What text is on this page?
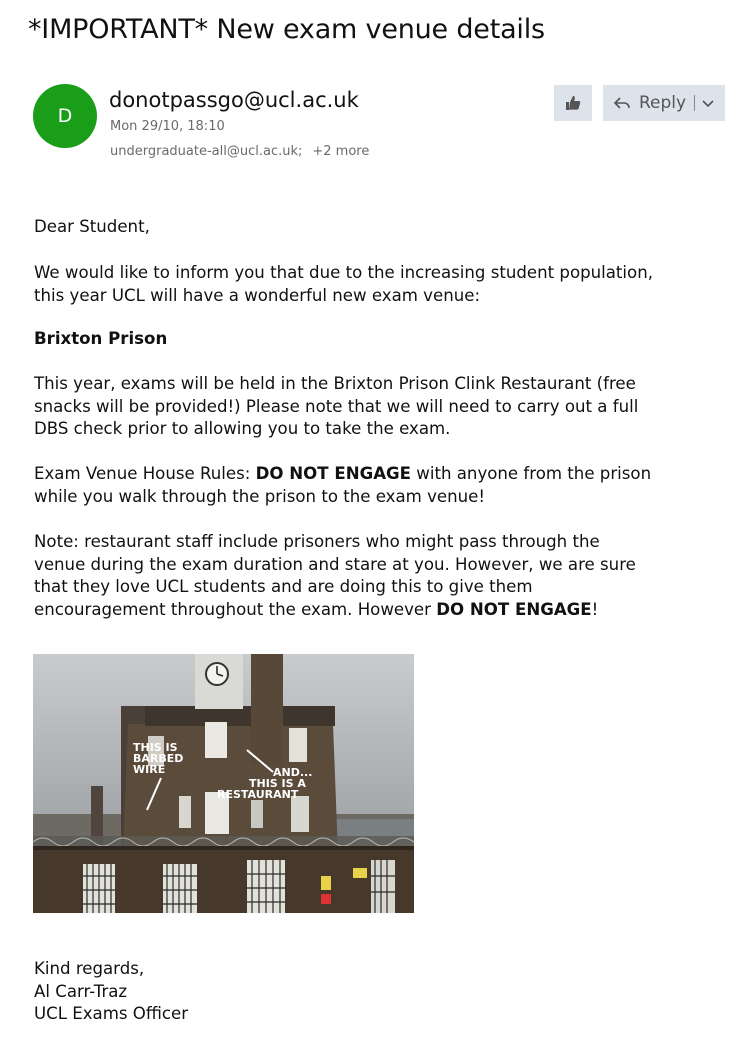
*IMPORTANT* New exam venue details
D
donotpassgo@ucl.ac.uk
Mon 29/10, 18:10
undergraduate-all@ucl.ac.uk; +2 more
Reply
Dear Student,
We would like to inform you that due to the increasing student population, this year UCL will have a wonderful new exam venue:
Brixton Prison
This year, exams will be held in the Brixton Prison Clink Restaurant (free snacks will be provided!) Please note that we will need to carry out a full DBS check prior to allowing you to take the exam.
Exam Venue House Rules: DO NOT ENGAGE with anyone from the prison while you walk through the prison to the exam venue!
Note: restaurant staff include prisoners who might pass through the venue during the exam duration and stare at you. However, we are sure that they love UCL students and are doing this to give them encouragement throughout the exam. However DO NOT ENGAGE!
THIS IS
BARBED
WIRE	AND...
THIS IS A
RESTAURANT
Kind regards,
Al Carr-Traz
UCL Exams Officer
